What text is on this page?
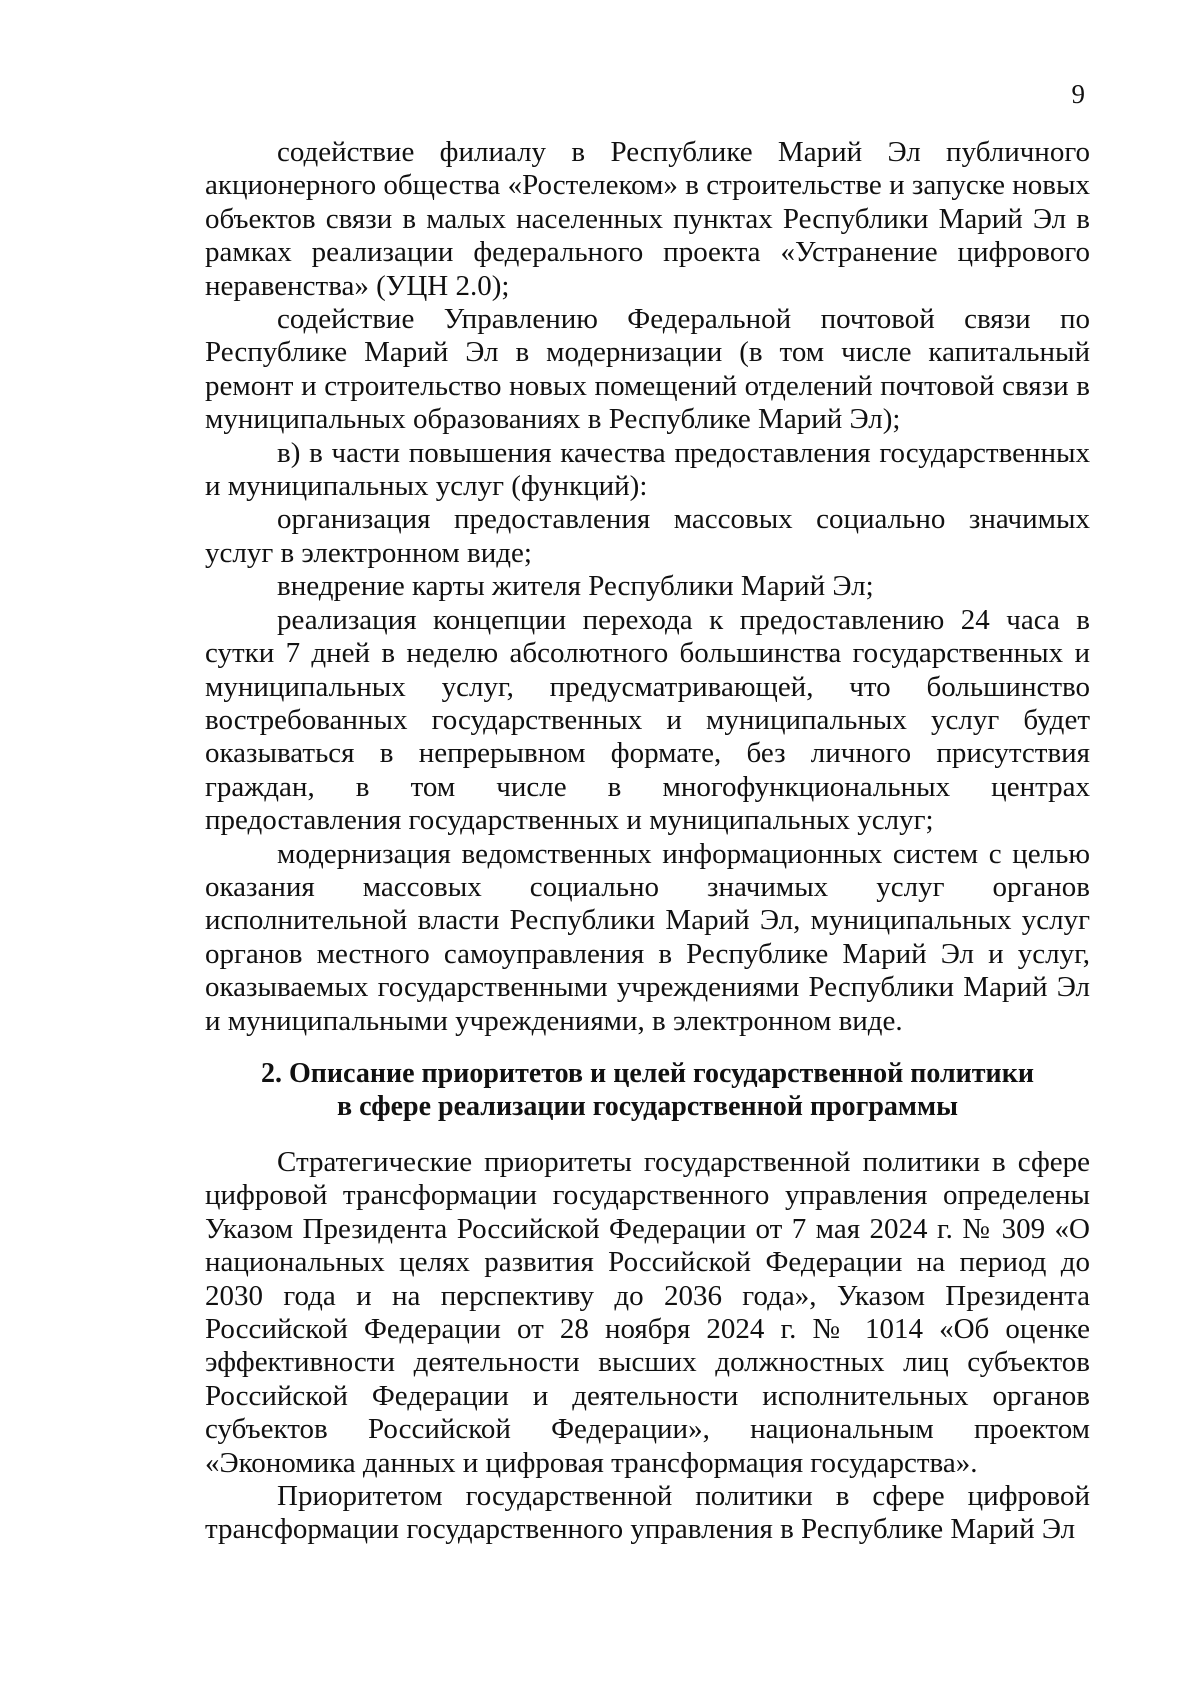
9

содействие филиалу в Республике Марий Эл публичного акционерного общества «Ростелеком» в строительстве и запуске новых объектов связи в малых населенных пунктах Республики Марий Эл в рамках реализации федерального проекта «Устранение цифрового неравенства» (УЦН 2.0);

содействие Управлению Федеральной почтовой связи по Республике Марий Эл в модернизации (в том числе капитальный ремонт и строительство новых помещений отделений почтовой связи в муниципальных образованиях в Республике Марий Эл);

в) в части повышения качества предоставления государственных и муниципальных услуг (функций):

организация предоставления массовых социально значимых услуг в электронном виде;

внедрение карты жителя Республики Марий Эл;

реализация концепции перехода к предоставлению 24 часа в сутки 7 дней в неделю абсолютного большинства государственных и муниципальных услуг, предусматривающей, что большинство востребованных государственных и муниципальных услуг будет оказываться в непрерывном формате, без личного присутствия граждан, в том числе в многофункциональных центрах предоставления государственных и муниципальных услуг;

модернизация ведомственных информационных систем с целью оказания массовых социально значимых услуг органов исполнительной власти Республики Марий Эл, муниципальных услуг органов местного самоуправления в Республике Марий Эл и услуг, оказываемых государственными учреждениями Республики Марий Эл и муниципальными учреждениями, в электронном виде.

2. Описание приоритетов и целей государственной политики
в сфере реализации государственной программы

Стратегические приоритеты государственной политики в сфере цифровой трансформации государственного управления определены Указом Президента Российской Федерации от 7 мая 2024 г. № 309 «О национальных целях развития Российской Федерации на период до 2030 года и на перспективу до 2036 года», Указом Президента Российской Федерации от 28 ноября 2024 г. № 1014 «Об оценке эффективности деятельности высших должностных лиц субъектов Российской Федерации и деятельности исполнительных органов субъектов Российской Федерации», национальным проектом «Экономика данных и цифровая трансформация государства».

Приоритетом государственной политики в сфере цифровой трансформации государственного управления в Республике Марий Эл
